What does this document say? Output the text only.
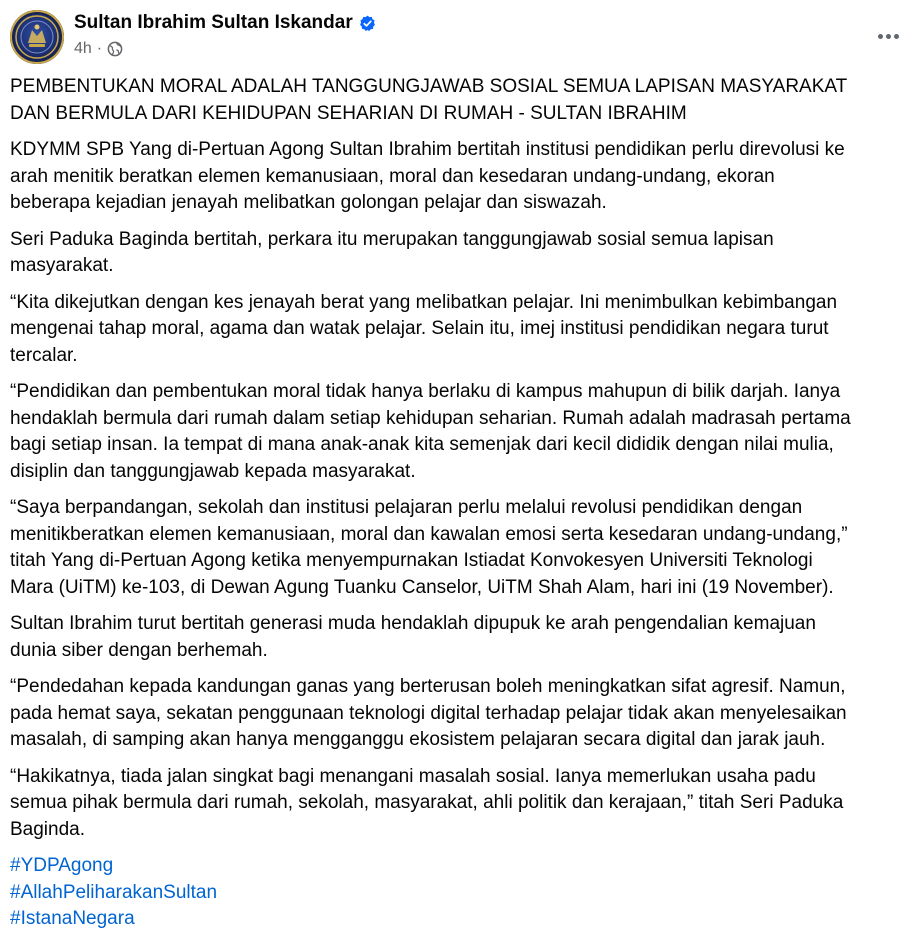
Sultan Ibrahim Sultan Iskandar
4h ·

PEMBENTUKAN MORAL ADALAH TANGGUNGJAWAB SOSIAL SEMUA LAPISAN MASYARAKAT
DAN BERMULA DARI KEHIDUPAN SEHARIAN DI RUMAH - SULTAN IBRAHIM

KDYMM SPB Yang di-Pertuan Agong Sultan Ibrahim bertitah institusi pendidikan perlu direvolusi ke
arah menitik beratkan elemen kemanusiaan, moral dan kesedaran undang-undang, ekoran
beberapa kejadian jenayah melibatkan golongan pelajar dan siswazah.

Seri Paduka Baginda bertitah, perkara itu merupakan tanggungjawab sosial semua lapisan
masyarakat.

“Kita dikejutkan dengan kes jenayah berat yang melibatkan pelajar. Ini menimbulkan kebimbangan
mengenai tahap moral, agama dan watak pelajar. Selain itu, imej institusi pendidikan negara turut
tercalar.

“Pendidikan dan pembentukan moral tidak hanya berlaku di kampus mahupun di bilik darjah. Ianya
hendaklah bermula dari rumah dalam setiap kehidupan seharian. Rumah adalah madrasah pertama
bagi setiap insan. Ia tempat di mana anak-anak kita semenjak dari kecil dididik dengan nilai mulia,
disiplin dan tanggungjawab kepada masyarakat.

“Saya berpandangan, sekolah dan institusi pelajaran perlu melalui revolusi pendidikan dengan
menitikberatkan elemen kemanusiaan, moral dan kawalan emosi serta kesedaran undang-undang,”
titah Yang di-Pertuan Agong ketika menyempurnakan Istiadat Konvokesyen Universiti Teknologi
Mara (UiTM) ke-103, di Dewan Agung Tuanku Canselor, UiTM Shah Alam, hari ini (19 November).

Sultan Ibrahim turut bertitah generasi muda hendaklah dipupuk ke arah pengendalian kemajuan
dunia siber dengan berhemah.

“Pendedahan kepada kandungan ganas yang berterusan boleh meningkatkan sifat agresif. Namun,
pada hemat saya, sekatan penggunaan teknologi digital terhadap pelajar tidak akan menyelesaikan
masalah, di samping akan hanya mengganggu ekosistem pelajaran secara digital dan jarak jauh.

“Hakikatnya, tiada jalan singkat bagi menangani masalah sosial. Ianya memerlukan usaha padu
semua pihak bermula dari rumah, sekolah, masyarakat, ahli politik dan kerajaan,” titah Seri Paduka
Baginda.

#YDPAgong
#AllahPeliharakanSultan
#IstanaNegara
